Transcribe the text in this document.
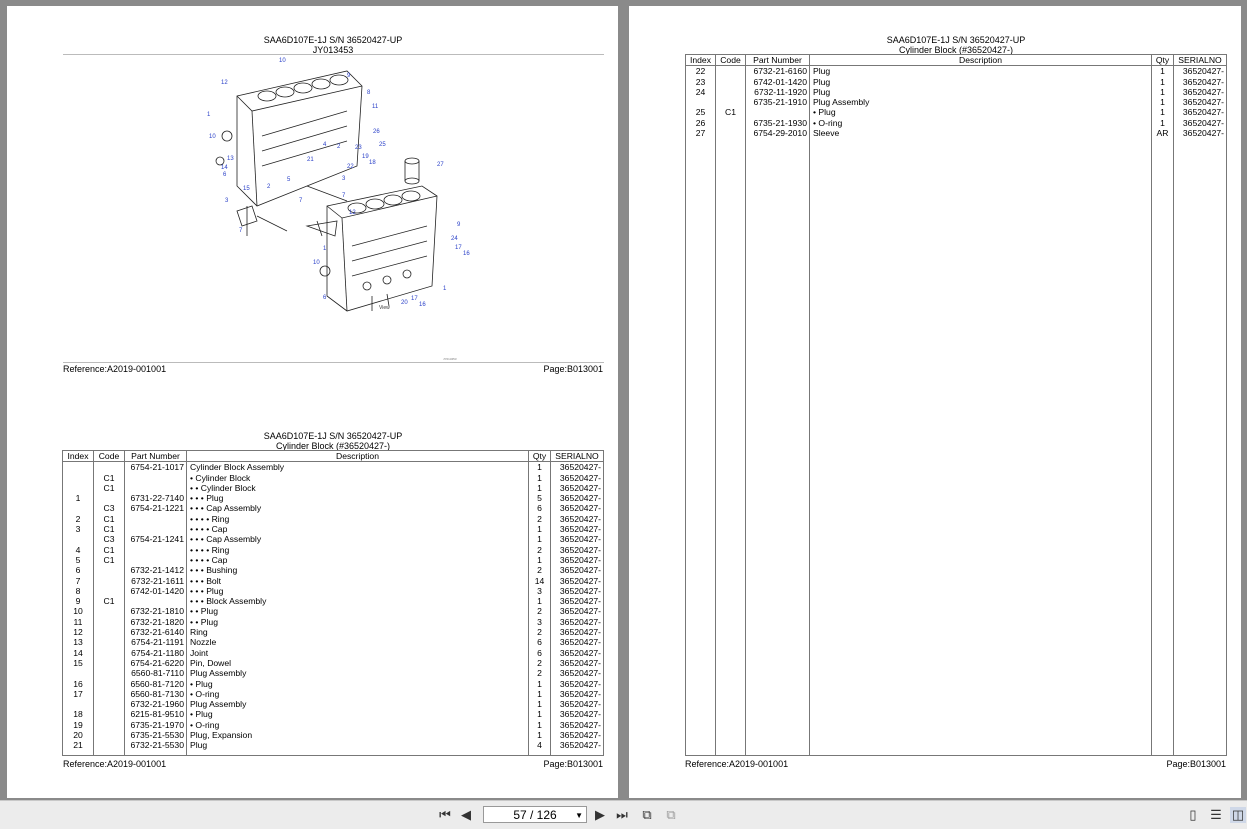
SAA6D107E-1J S/N 36520427-UP
JY013453
10
12
9
8
11
1
10
13
14
6
15	2
3
21
4 2
22
23
26
25
19
18
5	3
7
7
7
27
12
9
24
17
16
1
10
6
20
17
16
1
View
JY013453
Reference:A2019-001001	Page:B013001
SAA6D107E-1J S/N 36520427-UP
Cylinder Block (#36520427-)
Index	Code	Part Number	Description	Qty	SERIALNO
		6754-21-1017	Cylinder Block Assembly	1	36520427-
	C1		• Cylinder Block	1	36520427-
	C1		• • Cylinder Block	1	36520427-
1		6731-22-7140	• • • Plug	5	36520427-
	C3	6754-21-1221	• • • Cap Assembly	6	36520427-
2	C1		• • • • Ring	2	36520427-
3	C1		• • • • Cap	1	36520427-
	C3	6754-21-1241	• • • Cap Assembly	1	36520427-
4	C1		• • • • Ring	2	36520427-
5	C1		• • • • Cap	1	36520427-
6		6732-21-1412	• • • Bushing	2	36520427-
7		6732-21-1611	• • • Bolt	14	36520427-
8		6742-01-1420	• • • Plug	3	36520427-
9	C1		• • • Block Assembly	1	36520427-
10		6732-21-1810	• • Plug	2	36520427-
11		6732-21-1820	• • Plug	3	36520427-
12		6732-21-6140	Ring	2	36520427-
13		6754-21-1191	Nozzle	6	36520427-
14		6754-21-1180	Joint	6	36520427-
15		6754-21-6220	Pin, Dowel	2	36520427-
		6560-81-7110	Plug Assembly	2	36520427-
16		6560-81-7120	• Plug	1	36520427-
17		6560-81-7130	• O-ring	1	36520427-
		6732-21-1960	Plug Assembly	1	36520427-
18		6215-81-9510	• Plug	1	36520427-
19		6735-21-1970	• O-ring	1	36520427-
20		6735-21-5530	Plug, Expansion	1	36520427-
21		6732-21-5530	Plug	4	36520427-

Reference:A2019-001001	Page:B013001
SAA6D107E-1J S/N 36520427-UP
Cylinder Block (#36520427-)
Index	Code	Part Number	Description	Qty	SERIALNO
22		6732-21-6160	Plug	1	36520427-
23		6742-01-1420	Plug	1	36520427-
24		6732-11-1920	Plug	1	36520427-
		6735-21-1910	Plug Assembly	1	36520427-
25	C1		• Plug	1	36520427-
26		6735-21-1930	• O-ring	1	36520427-
27		6754-29-2010	Sleeve	AR	36520427-

Reference:A2019-001001	Page:B013001
⏮ ◀	57 / 126 ▼ ▶ ⏭	⧉	⧉	▯	☰ ◫
